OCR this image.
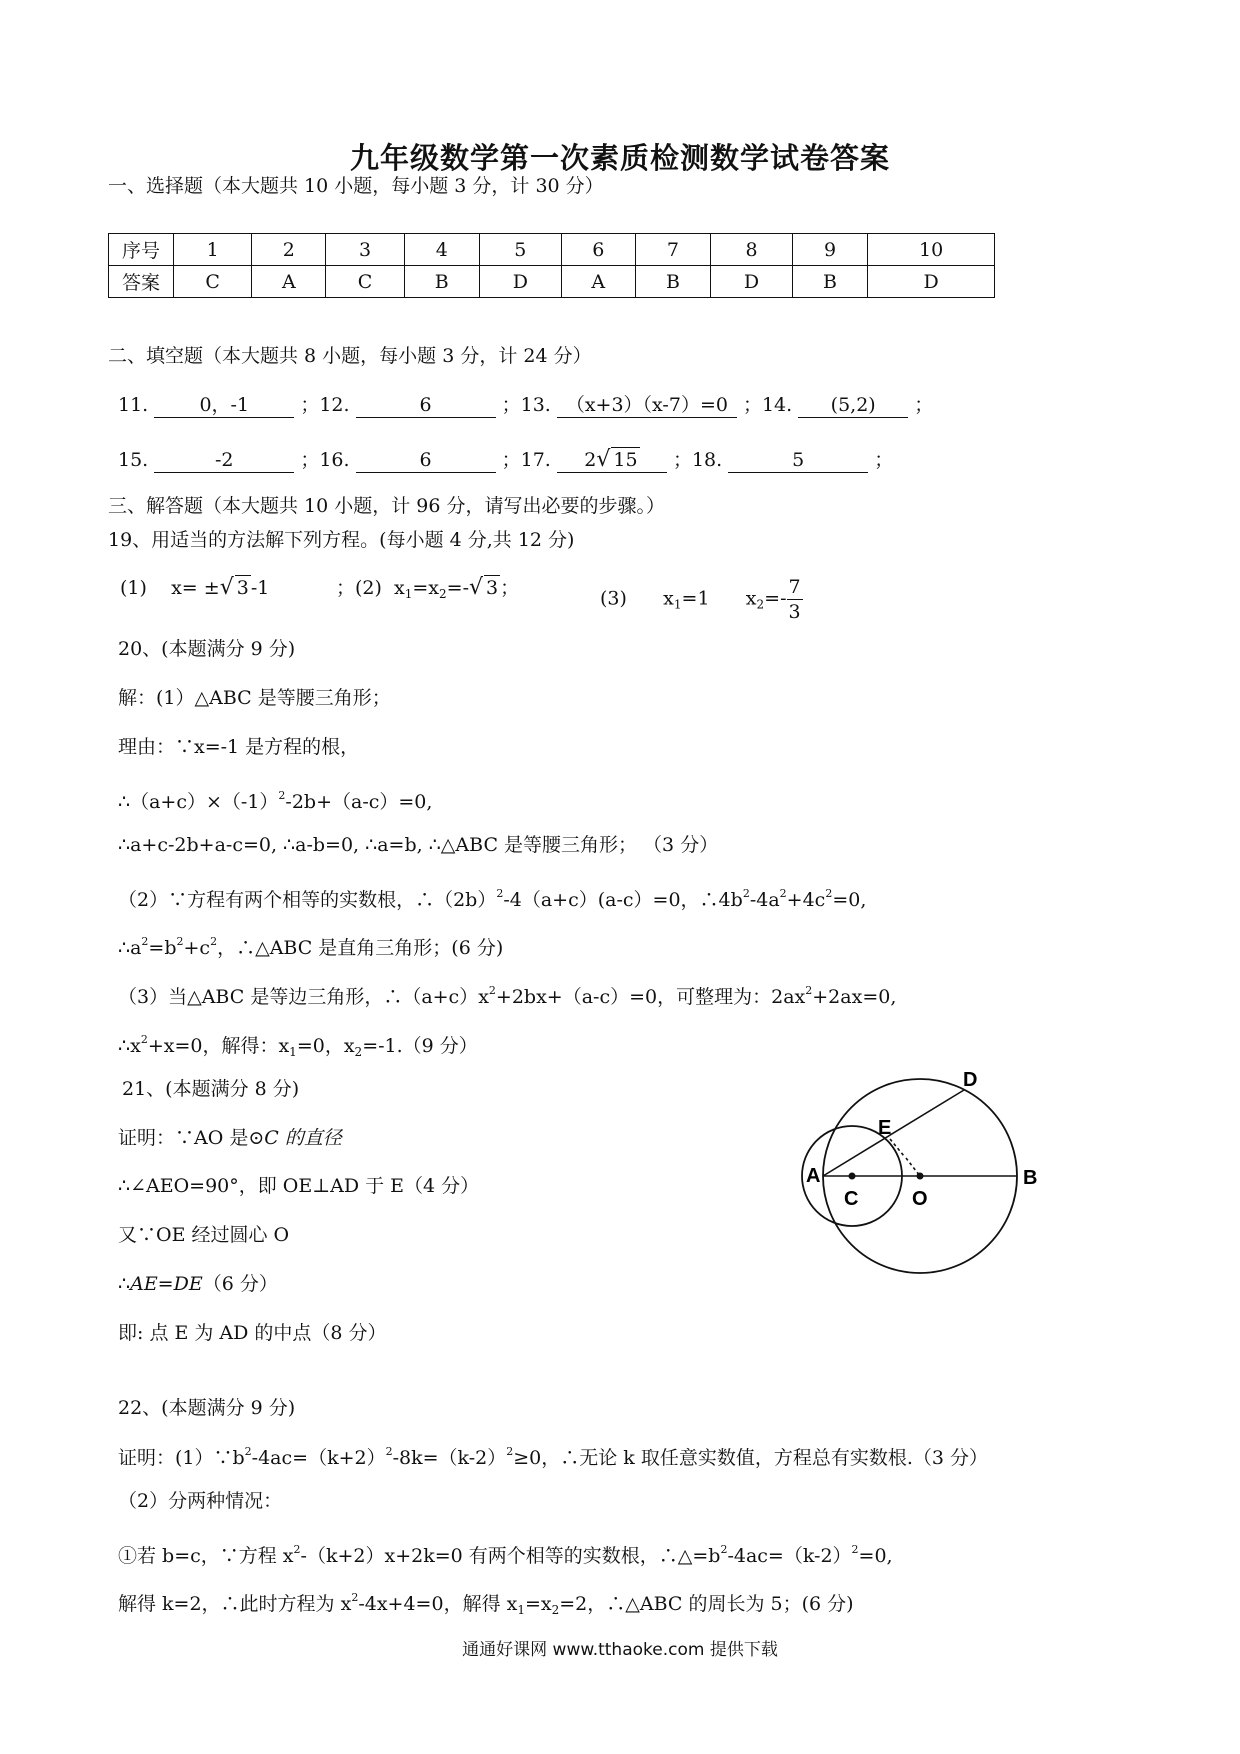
九年级数学第一次素质检测数学试卷答案
一、选择题（本大题共 10 小题，每小题 3 分，计 30 分）
序号	1	2	3	4	5	6	7	8	9	10
答案	C	A	C	B	D	A	B	D	B	D
二、填空题（本大题共 8 小题，每小题 3 分，计 24 分）
11.	0，-1	；12.	6	；13. （x+3）（x-7）=0 ；14. (5,2) ；
15.	-2	；16.	6	；17. 2√ 15 ；18.	5	；
三、解答题（本大题共 10 小题，计 96 分，请写出必要的步骤。）
19、用适当的方法解下列方程。(每小题 4 分,共 12 分)
(1) x= ±√ 3 -1	；(2) $x_1=x_2=-√$ 3 ；	(3) $x_1=1$ $x_2=- \frac{7}{3}$
20、(本题满分 9 分)
解：(1）△ABC 是等腰三角形；
理由：∵x=-1 是方程的根，
$\therefore(a+c)\times(-1)^2-2b+(a-c)=0$,
∴a+c-2b+a-c=0, ∴a-b=0, ∴a=b, ∴△ABC 是等腰三角形； （3 分）
（2）∵方程有两个相等的实数根，$\therefore(2b)^2-4(a+c)(a-c)=0$，$\therefore 4b^2-4a^2+4c^2=0$,
$\therefore a^2=b^2+c^2$，∴△ABC 是直角三角形；(6 分)
（3）当△ABC 是等边三角形，$\therefore(a+c)x^2+2bx+(a-c)=0$，可整理为：$2ax^2+2ax=0$,
$\therefore x^2+x=0$，解得：$x_1=0$，$x_2=-1.(9$ 分）
21、(本题满分 8 分)
证明：∵AO 是⊙C 的直径
∴∠AEO=90°，即 OE⊥AD 于 E（4 分）
又∵OE 经过圆心 O
∴AE=DE（6 分）
即: 点 E 为 AD 的中点（8 分）
A	B
C
D
E
O
22、(本题满分 9 分)
证明：$(1)\because b^2-4ac=(k+2)^2-8k=(k-2)^2\ge 0$，∴无论 k 取任意实数值，方程总有实数根.（3 分）
（2）分两种情况：
①若 b=c，∵方程 $x^2-(k+2)x+2k=0$ 有两个相等的实数根，$\therefore\triangle=b^2-4ac=(k-2)^2=0$,
解得 k=2，∴此时方程为 $x^2-4x+4=0$，解得 $x_1=x_2=2$，∴△ABC 的周长为 5；(6 分)
通通好课网 www.tthaoke.com 提供下载
